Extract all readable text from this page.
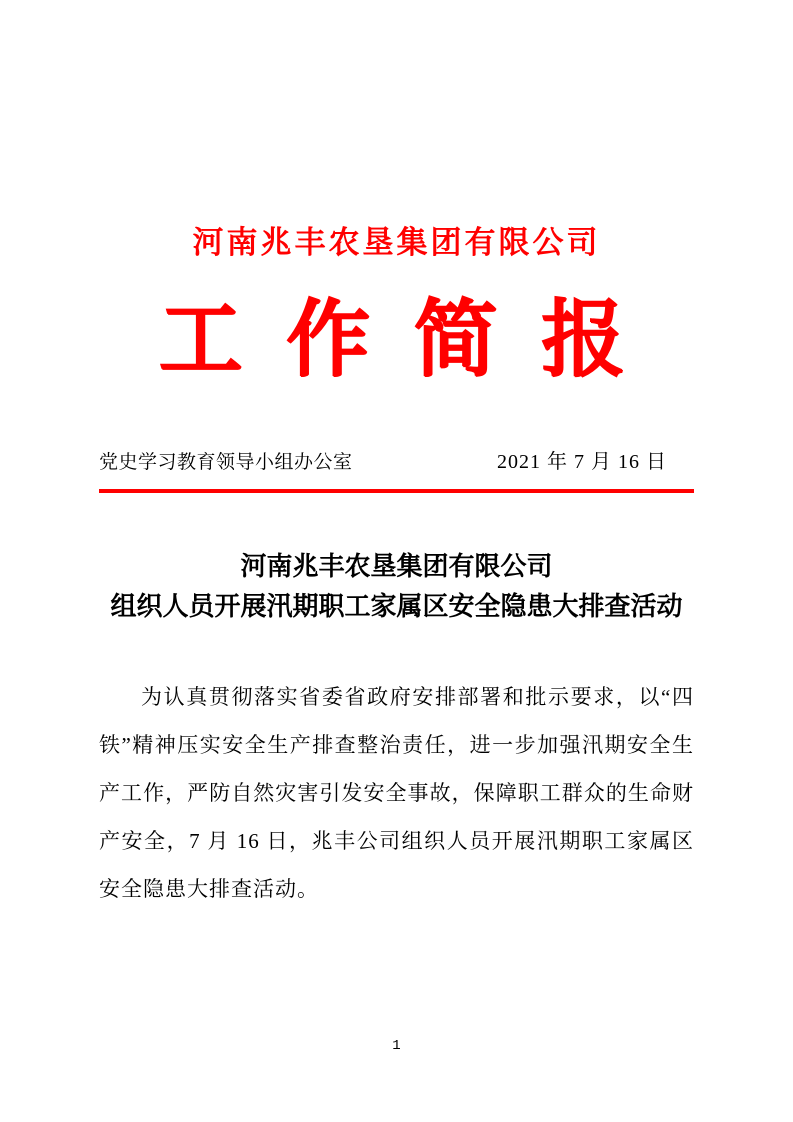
河南兆丰农垦集团有限公司
工 作 简 报
党史学习教育领导小组办公室	2021 年 7 月 16 日
河南兆丰农垦集团有限公司
组织人员开展汛期职工家属区安全隐患大排查活动

为认真贯彻落实省委省政府安排部署和批示要求，以“四铁”精神压实安全生产排查整治责任，进一步加强汛期安全生产工作，严防自然灾害引发安全事故，保障职工群众的生命财产安全，7 月 16 日，兆丰公司组织人员开展汛期职工家属区安全隐患大排查活动。

1
